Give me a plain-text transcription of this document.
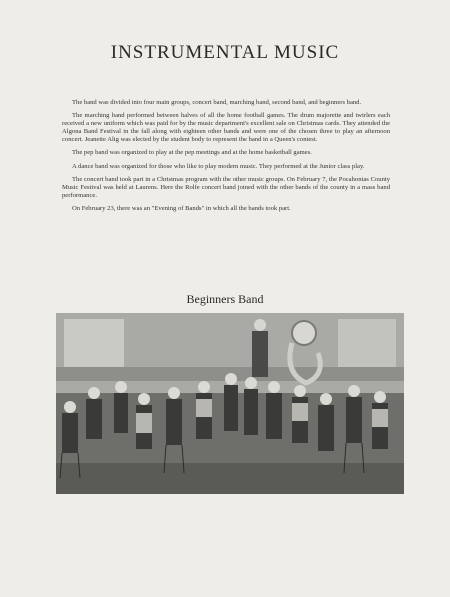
INSTRUMENTAL MUSIC

The band was divided into four main groups, concert band, marching band, second band, and beginners band.

The marching band performed between halves of all the home football games. The drum majorette and twirlers each received a new uniform which was paid for by the music department's excellent sale on Christmas cards. They attended the Algona Band Festival in the fall along with eighteen other bands and were one of the chosen three to play an afternoon concert. Jeanette Alig was elected by the student body to represent the band in a Queen's contest.

The pep band was organized to play at the pep meetings and at the home basketball games.

A dance band was organized for those who like to play modern music. They performed at the Junior class play.

The concert band took part in a Christmas program with the other music groups. On February 7, the Pocahontas County Music Festival was held at Laurens. Here the Rolfe concert band joined with the other bands of the county in a mass band performance.

On February 23, there was an "Evening of Bands" in which all the bands took part.

Beginners Band
